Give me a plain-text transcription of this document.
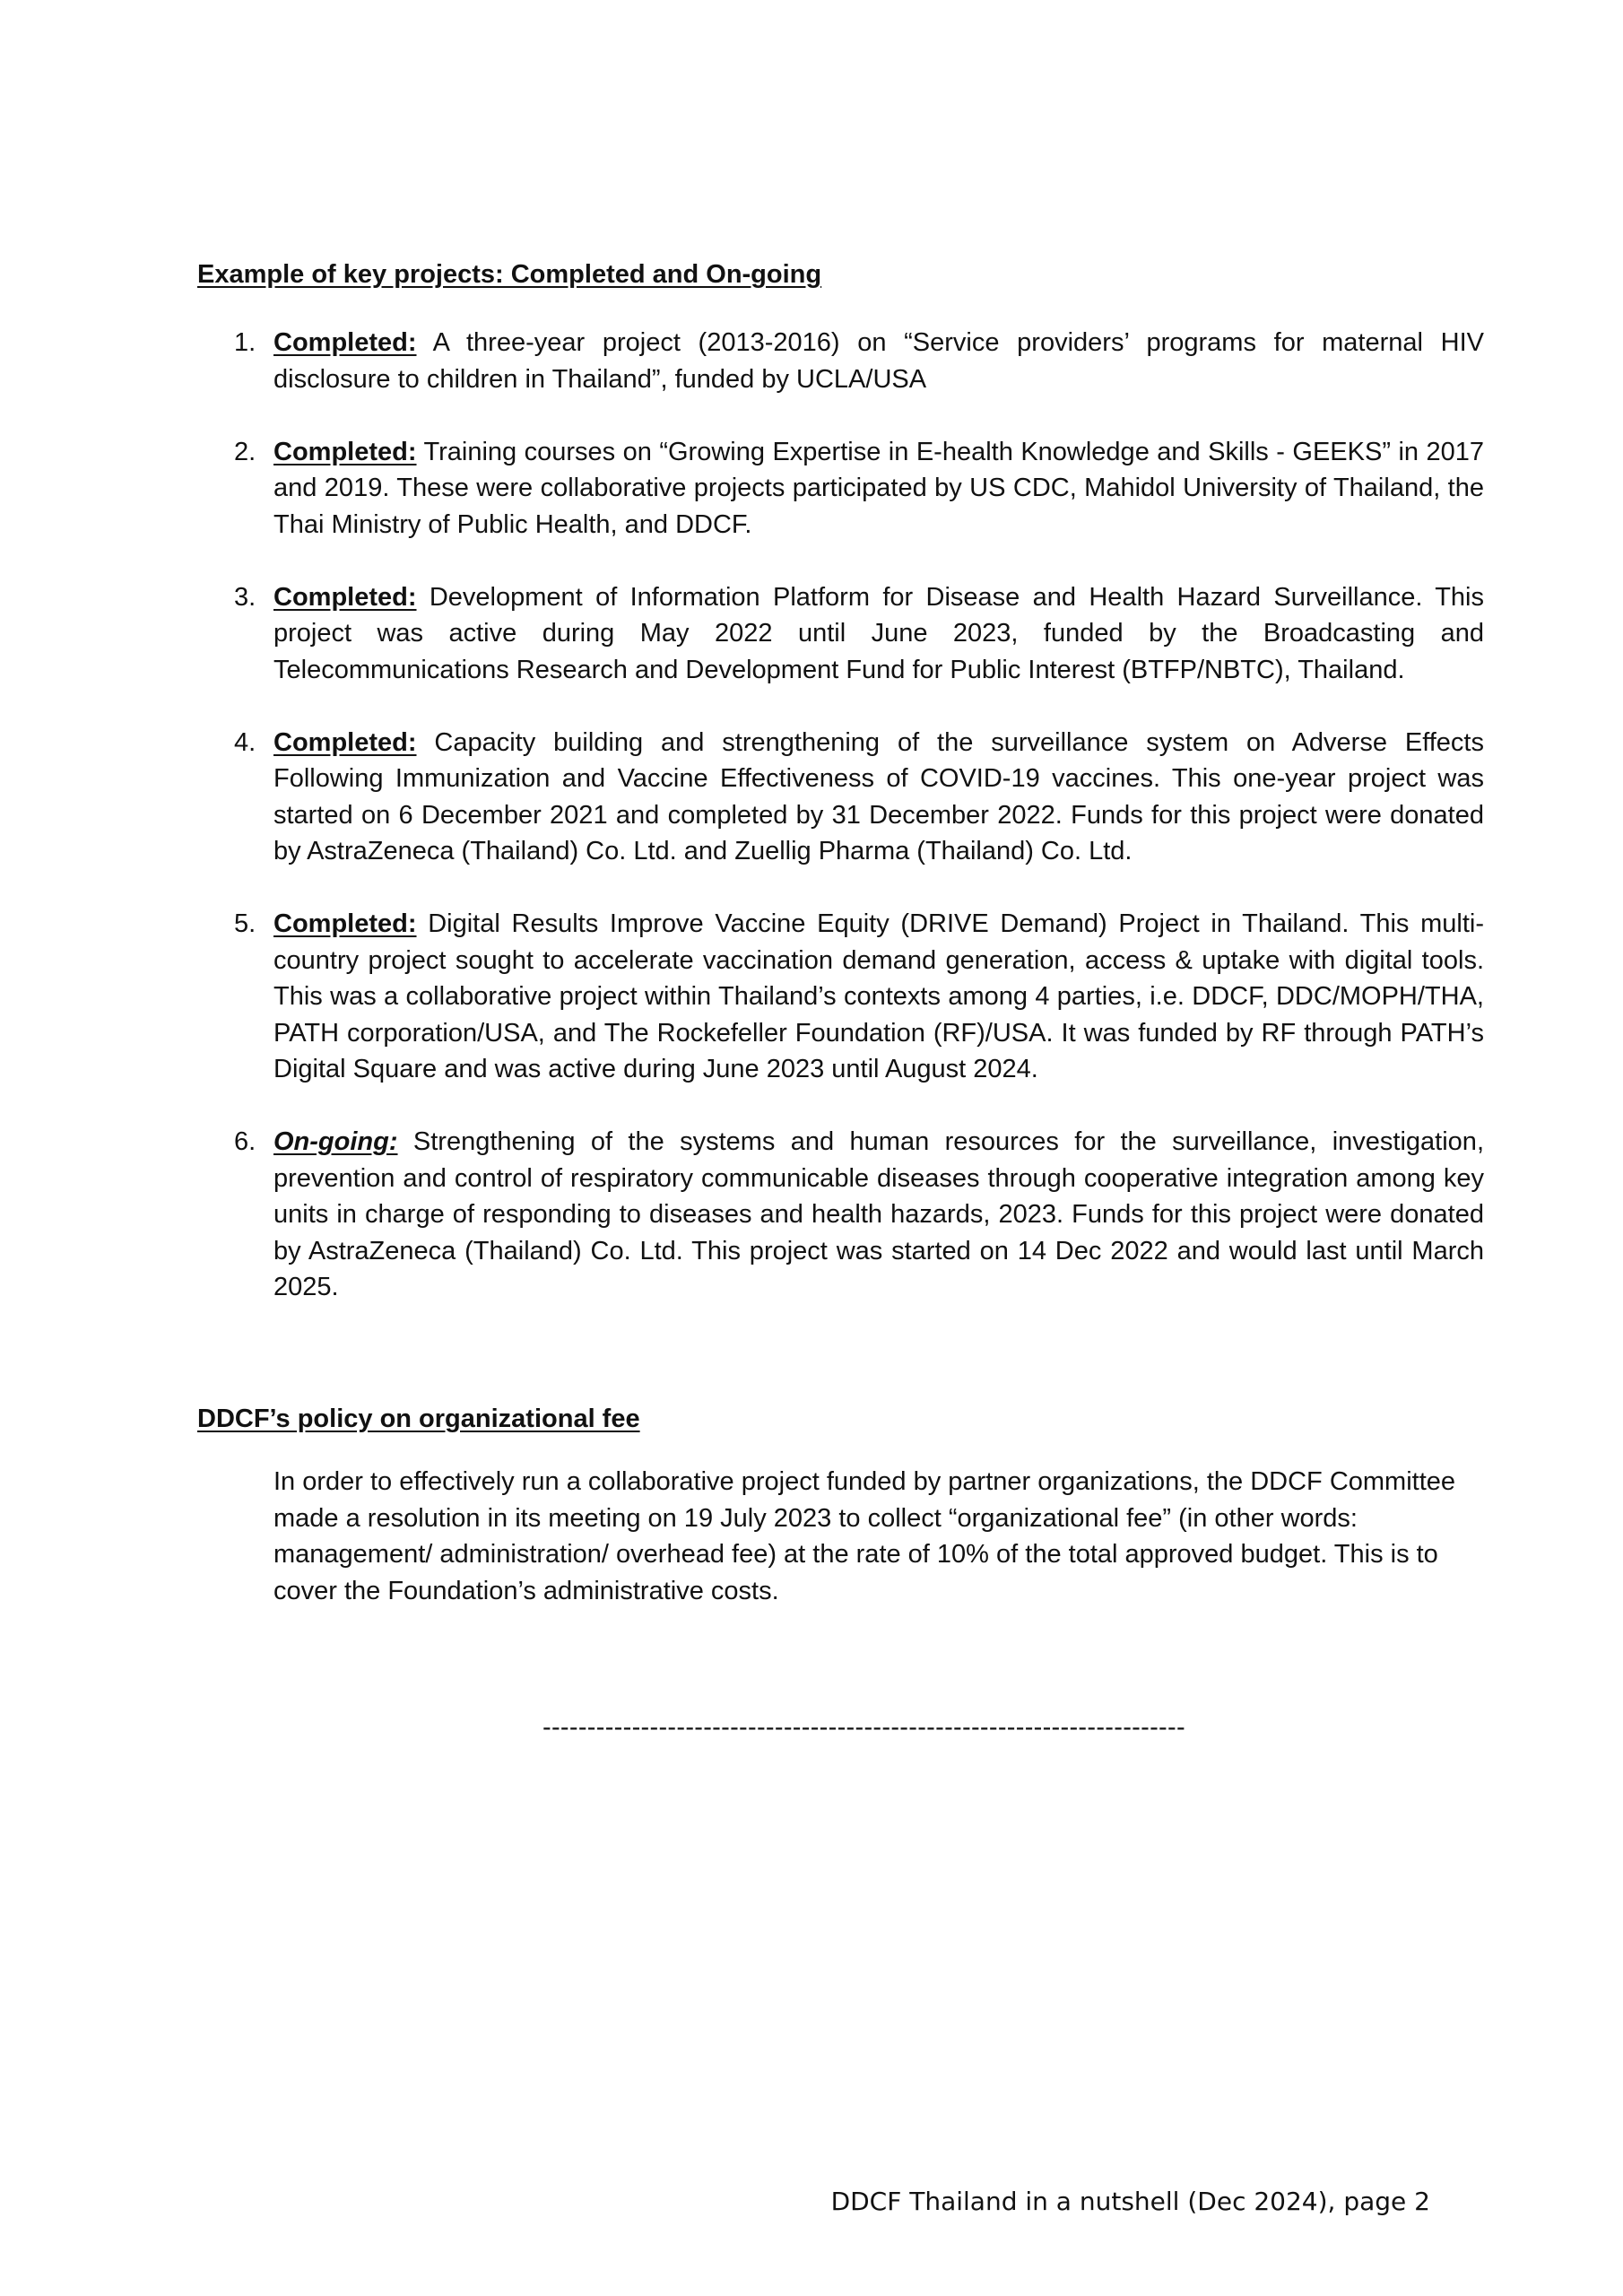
Example of key projects: Completed and On-going
1. Completed: A three-year project (2013-2016) on “Service providers’ programs for maternal HIV disclosure to children in Thailand”, funded by UCLA/USA
2. Completed: Training courses on “Growing Expertise in E-health Knowledge and Skills - GEEKS” in 2017 and 2019. These were collaborative projects participated by US CDC, Mahidol University of Thailand, the Thai Ministry of Public Health, and DDCF.
3. Completed: Development of Information Platform for Disease and Health Hazard Surveillance. This project was active during May 2022 until June 2023, funded by the Broadcasting and Telecommunications Research and Development Fund for Public Interest (BTFP/NBTC), Thailand.
4. Completed: Capacity building and strengthening of the surveillance system on Adverse Effects Following Immunization and Vaccine Effectiveness of COVID-19 vaccines. This one-year project was started on 6 December 2021 and completed by 31 December 2022. Funds for this project were donated by AstraZeneca (Thailand) Co. Ltd. and Zuellig Pharma (Thailand) Co. Ltd.
5. Completed: Digital Results Improve Vaccine Equity (DRIVE Demand) Project in Thailand. This multi-country project sought to accelerate vaccination demand generation, access & uptake with digital tools. This was a collaborative project within Thailand’s contexts among 4 parties, i.e. DDCF, DDC/MOPH/THA, PATH corporation/USA, and The Rockefeller Foundation (RF)/USA. It was funded by RF through PATH’s Digital Square and was active during June 2023 until August 2024.
6. On-going: Strengthening of the systems and human resources for the surveillance, investigation, prevention and control of respiratory communicable diseases through cooperative integration among key units in charge of responding to diseases and health hazards, 2023. Funds for this project were donated by AstraZeneca (Thailand) Co. Ltd. This project was started on 14 Dec 2022 and would last until March 2025.
DDCF’s policy on organizational fee

In order to effectively run a collaborative project funded by partner organizations, the DDCF Committee made a resolution in its meeting on 19 July 2023 to collect “organizational fee” (in other words: management/ administration/ overhead fee) at the rate of 10% of the total approved budget. This is to cover the Foundation’s administrative costs.

------------------------------------------------------------------------

DDCF Thailand in a nutshell (Dec 2024), page 2
